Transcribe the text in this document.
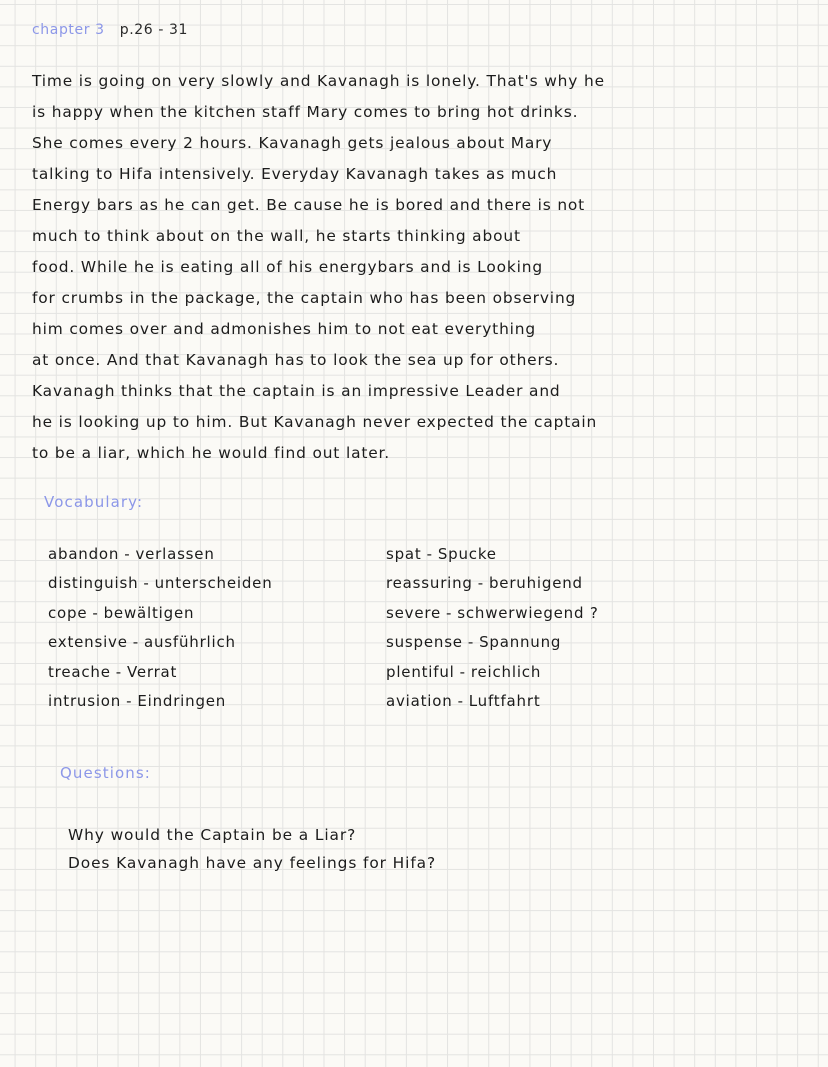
chapter 3 p.26 - 31
Time is going on very slowly and Kavanagh is lonely. That's why he
is happy when the kitchen staff Mary comes to bring hot drinks.
She comes every 2 hours. Kavanagh gets jealous about Mary
talking to Hifa intensively. Everyday Kavanagh takes as much
Energy bars as he can get. Be cause he is bored and there is not
much to think about on the wall, he starts thinking about
food. While he is eating all of his energybars and is Looking
for crumbs in the package, the captain who has been observing
him comes over and admonishes him to not eat everything
at once. And that Kavanagh has to look the sea up for others.
Kavanagh thinks that the captain is an impressive Leader and
he is looking up to him. But Kavanagh never expected the captain
to be a liar, which he would find out later.
Vocabulary:
abandon - verlassen
distinguish - unterscheiden
cope - bewältigen
extensive - ausführlich
treache - Verrat
intrusion - Eindringen
spat - Spucke
reassuring - beruhigend
severe - schwerwiegend ?
suspense - Spannung
plentiful - reichlich
aviation - Luftfahrt
Questions:
Why would the Captain be a Liar?
Does Kavanagh have any feelings for Hifa?
